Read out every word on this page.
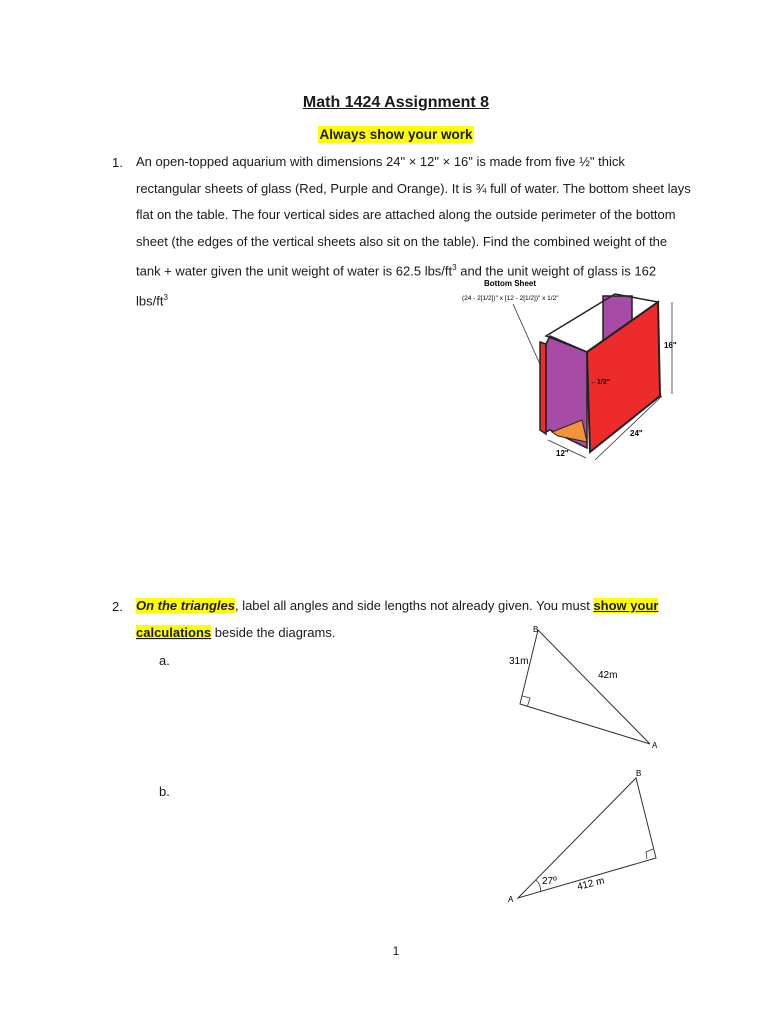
Math 1424 Assignment 8
Always show your work
1. An open-topped aquarium with dimensions 24" × 12" × 16" is made from five ½" thick
rectangular sheets of glass (Red, Purple and Orange). It is ¾ full of water. The bottom sheet lays
flat on the table. The four vertical sides are attached along the outside perimeter of the bottom
sheet (the edges of the vertical sheets also sit on the table). Find the combined weight of the
tank + water given the unit weight of water is 62.5 lbs/$ft^3$ and the unit weight of glass is 162
lbs/$ft^3$
Bottom Sheet
(24 - 2[1/2])" x [12 - 2[1/2])" x 1/2"
16"
←1/2"
24"
12"
2. On the triangles, label all angles and side lengths not already given. You must show your
calculations beside the diagrams.
a.
B
A
31m
42m
b.
B
A
27º 412 m
1
